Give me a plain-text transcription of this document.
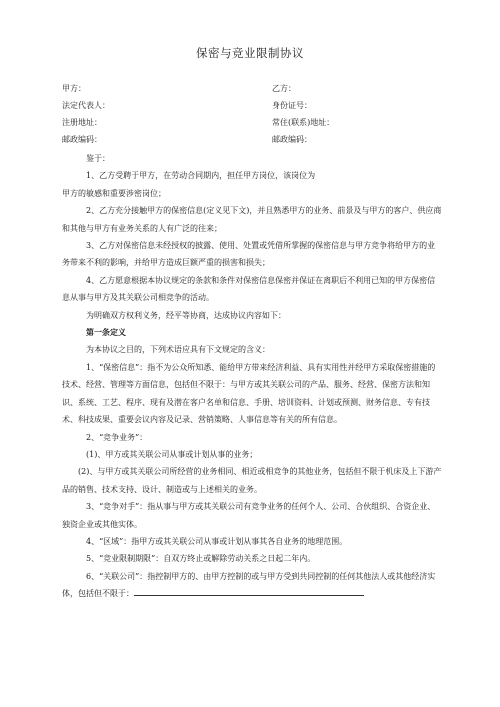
保密与竞业限制协议
甲方：	乙方：
法定代表人：	身份证号：
注册地址：	常住(联系)地址：
邮政编码：	邮政编码：

鉴于：

1、乙方受聘于甲方，在劳动合同期内，担任甲方岗位，该岗位为

甲方的敏感和重要涉密岗位；

2、乙方充分接触甲方的保密信息(定义见下文)，并且熟悉甲方的业务、前景及与甲方的客户、供应商和其他与甲方有业务关系的人有广泛的往来；

3、乙方对保密信息未经授权的披露、使用、处置或凭借所掌握的保密信息与甲方竞争将给甲方的业务带来不利的影响，并给甲方造成巨额严重的损害和损失；

4、乙方愿意根据本协议规定的条款和条件对保密信息保密并保证在离职后不利用已知的甲方保密信息从事与甲方及其关联公司相竞争的活动。

为明确双方权利义务，经平等协商，达成协议内容如下：

第一条定义

为本协议之目的，下列术语应具有下文规定的含义：

1、“保密信息”：指不为公众所知悉、能给甲方带来经济利益、具有实用性并经甲方采取保密措施的技术、经营、管理等方面信息，包括但不限于：与甲方或其关联公司的产品、服务、经营、保密方法和知识、系统、工艺、程序、现有及潜在客户名单和信息、手册、培训资料、计划或预测、财务信息、专有技术、科技成果、重要会议内容及记录、营销策略、人事信息等有关的所有信息。

2、“竞争业务”：

(1)、甲方或其关联公司从事或计划从事的业务；

(2)、与甲方或其关联公司所经营的业务相同、相近或相竞争的其他业务，包括但不限于机床及上下游产品的销售、技术支持、设计、制造或与上述相关的业务。

3、“竞争对手”：指从事与甲方或其关联公司有竞争业务的任何个人、公司、合伙组织、合资企业、独资企业或其他实体。

4、“区域”：指甲方或其关联公司从事或计划从事其各自业务的地理范围。

5、“竞业限制期限”：自双方终止或解除劳动关系之日起二年内。

6、“关联公司”：指控制甲方的、由甲方控制的或与甲方受到共同控制的任何其他法人或其他经济实体，包括但不限于：
